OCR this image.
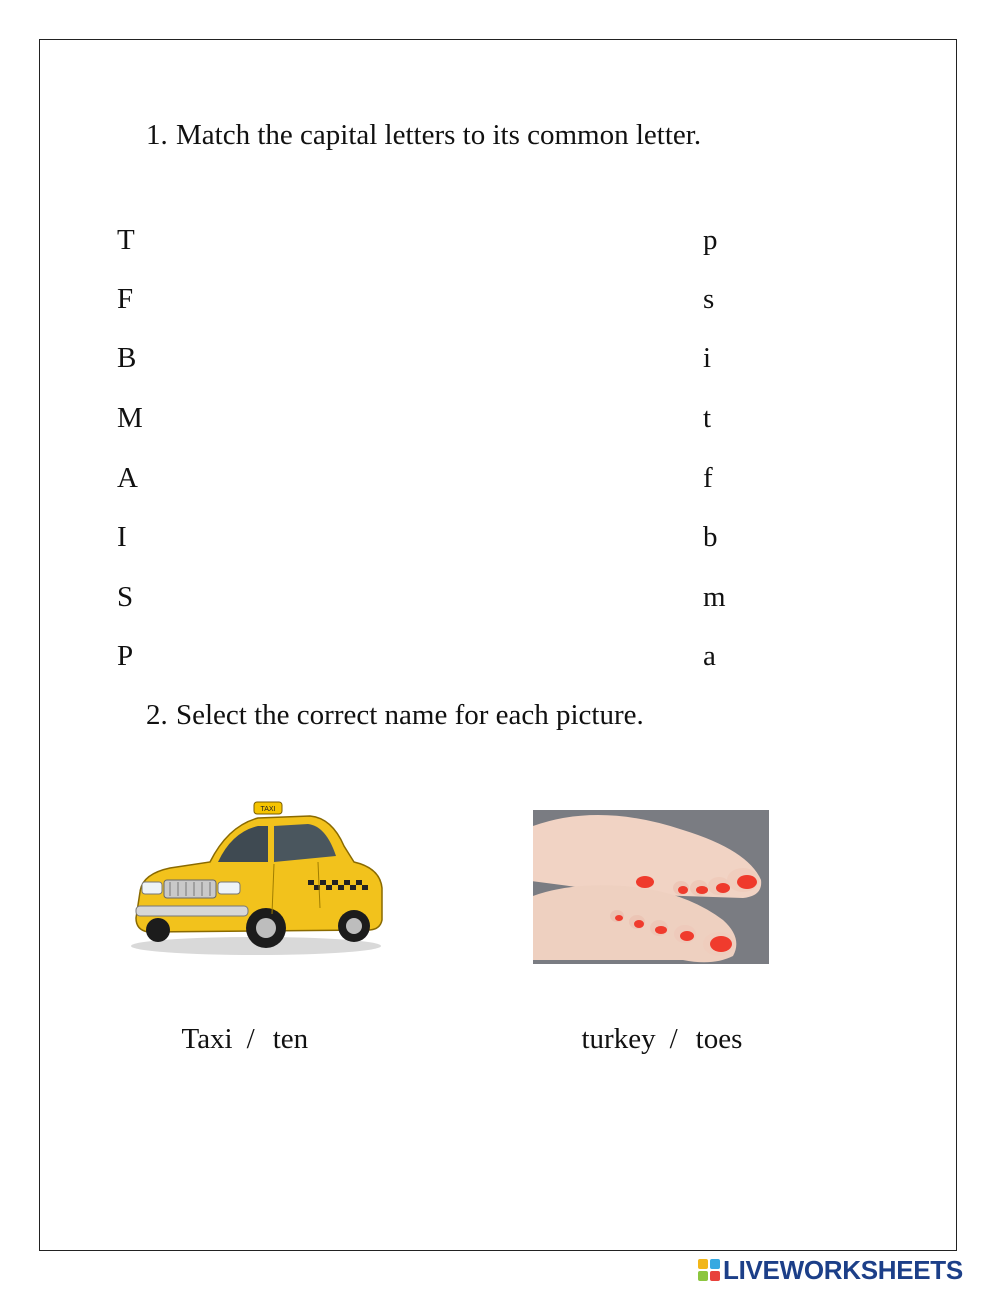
1. Match the capital letters to its common letter.
T
F
B
M
A
I
S
P
p
s
i
t
f
b
m
a
2. Select the correct name for each picture.
TAXI

Taxi / ten	turkey / toes

LIVEWORKSHEETS
